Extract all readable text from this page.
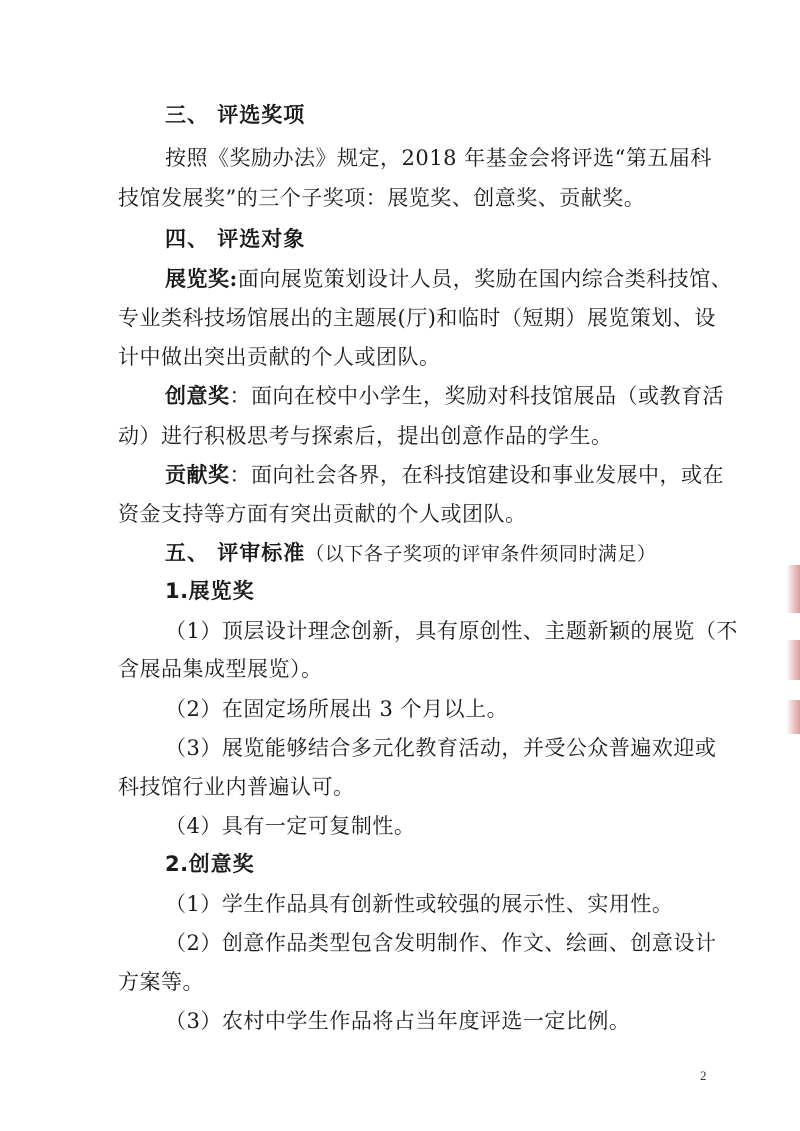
三、 评选奖项
按照《奖励办法》规定，2018 年基金会将评选“第五届科
技馆发展奖”的三个子奖项：展览奖、创意奖、贡献奖。
四、 评选对象
展览奖:面向展览策划设计人员，奖励在国内综合类科技馆、
专业类科技场馆展出的主题展(厅)和临时（短期）展览策划、设
计中做出突出贡献的个人或团队。
创意奖：面向在校中小学生，奖励对科技馆展品（或教育活
动）进行积极思考与探索后，提出创意作品的学生。
贡献奖：面向社会各界，在科技馆建设和事业发展中，或在
资金支持等方面有突出贡献的个人或团队。
五、 评审标准（以下各子奖项的评审条件须同时满足）
1.展览奖
（1）顶层设计理念创新，具有原创性、主题新颖的展览（不
含展品集成型展览）。
（2）在固定场所展出 3 个月以上。
（3）展览能够结合多元化教育活动，并受公众普遍欢迎或
科技馆行业内普遍认可。
（4）具有一定可复制性。
2.创意奖
（1）学生作品具有创新性或较强的展示性、实用性。
（2）创意作品类型包含发明制作、作文、绘画、创意设计
方案等。
（3）农村中学生作品将占当年度评选一定比例。
2
